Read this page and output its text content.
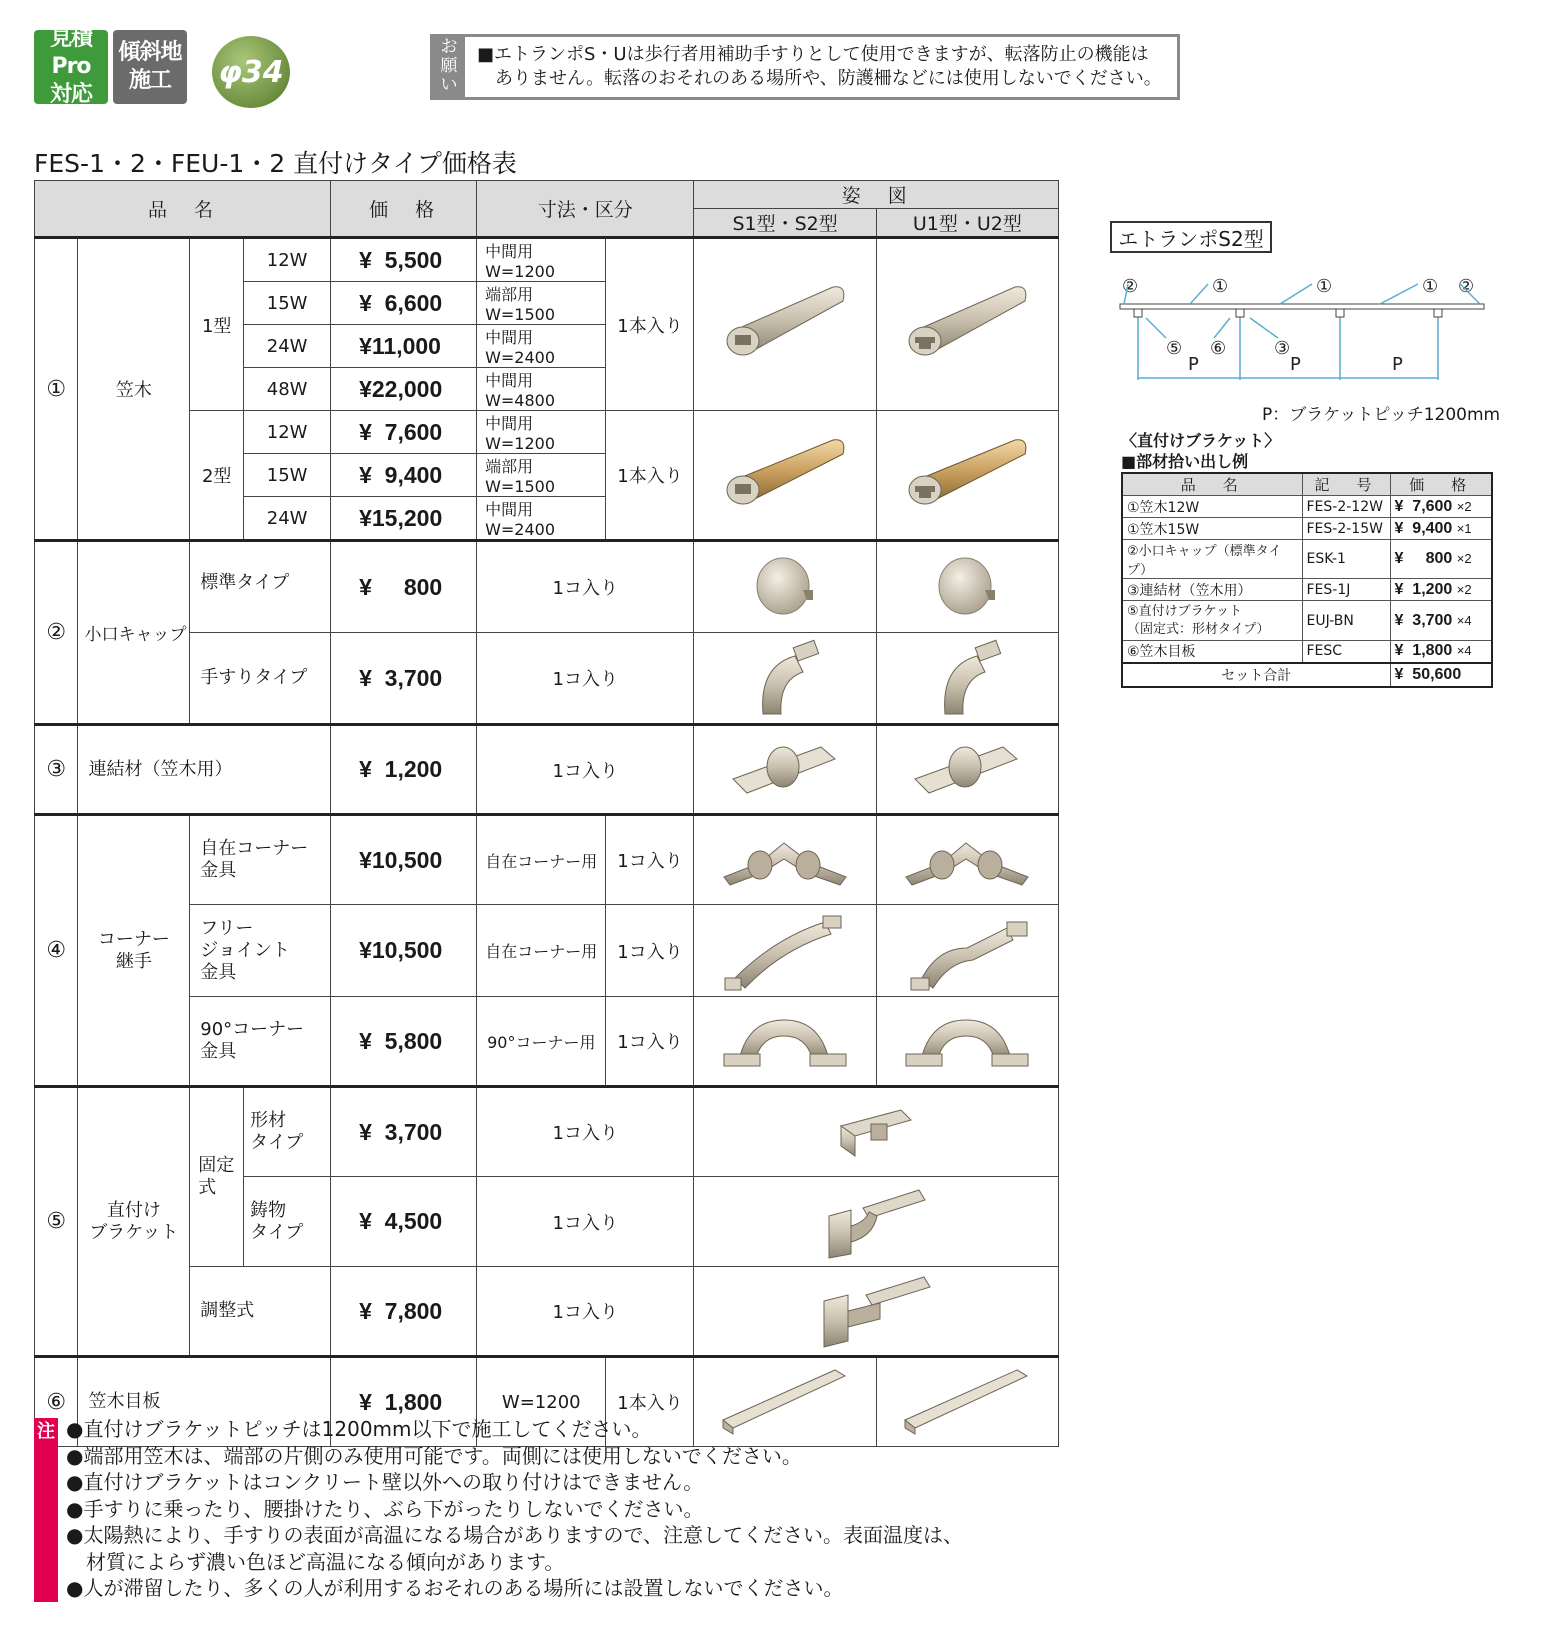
見積Pro
対応
傾斜地
施工	φ34
お
願
い
■エトランポS・Uは歩行者用補助手すりとして使用できますが、転落防止の機能は
　ありません。転落のおそれのある場所や、防護柵などには使用しないでください。
FES-1・2・FEU-1・2 直付けタイプ価格表
品　名				価　格	寸法・区分		姿　図	
							S1型・S2型	U1型・U2型
①	笠木	1型	12W	¥  5,500	中間用 W=1200	1本入り	

			15W	¥  6,600	端部用 W=1500			
			24W	¥11,000	中間用 W=2400			
			48W	¥22,000	中間用 W=4800			
		2型	12W	¥  7,600	中間用 W=1200	1本入り	

			15W	¥  9,400	端部用 W=1500			
			24W	¥15,200	中間用 W=2400			
②	小口キャップ	標準タイプ		¥     800	1コ入り	

		手すりタイプ		¥  3,700	1コ入り	

③	連結材（笠木用）			¥  1,200	1コ入り	

④	コーナー
継手	自在コーナー
金具		¥10,500	自在コーナー用	1コ入り	

		フリー
ジョイント
金具		¥10,500	自在コーナー用	1コ入り	

		90°コーナー
金具		¥  5,800	90°コーナー用	1コ入り	

⑤	直付け
ブラケット	固定式	形材
タイプ	¥  3,700	1コ入り	

			鋳物
タイプ	¥  4,500	1コ入り	

		調整式		¥  7,800	1コ入り	

⑥	笠木目板			¥  1,800	W=1200	1本入り	

エトランポS2型
②	①	①	① ②
⑤ ⑥	③
P	P	P
P：ブラケットピッチ1200mm
〈直付けブラケット〉
■部材拾い出し例
品　名	記　号	価　格
①笠木12W	FES-2-12W	¥  7,600 ×2
①笠木15W	FES-2-15W	¥  9,400 ×1
②小口キャップ（標準タイプ）	ESK-1	¥     800 ×2
③連結材（笠木用）	FES-1J	¥  1,200 ×2
⑤直付けブラケット
（固定式：形材タイプ）	EUJ-BN	¥  3,700 ×4
⑥笠木目板	FESC	¥  1,800 ×4
セット合計		¥  50,600
注 ●直付けブラケットピッチは1200mm以下で施工してください。
●端部用笠木は、端部の片側のみ使用可能です。両側には使用しないでください。
●直付けブラケットはコンクリート壁以外への取り付けはできません。
●手すりに乗ったり、腰掛けたり、ぶら下がったりしないでください。
●太陽熱により、手すりの表面が高温になる場合がありますので、注意してください。表面温度は、
　材質によらず濃い色ほど高温になる傾向があります。
●人が滞留したり、多くの人が利用するおそれのある場所には設置しないでください。
